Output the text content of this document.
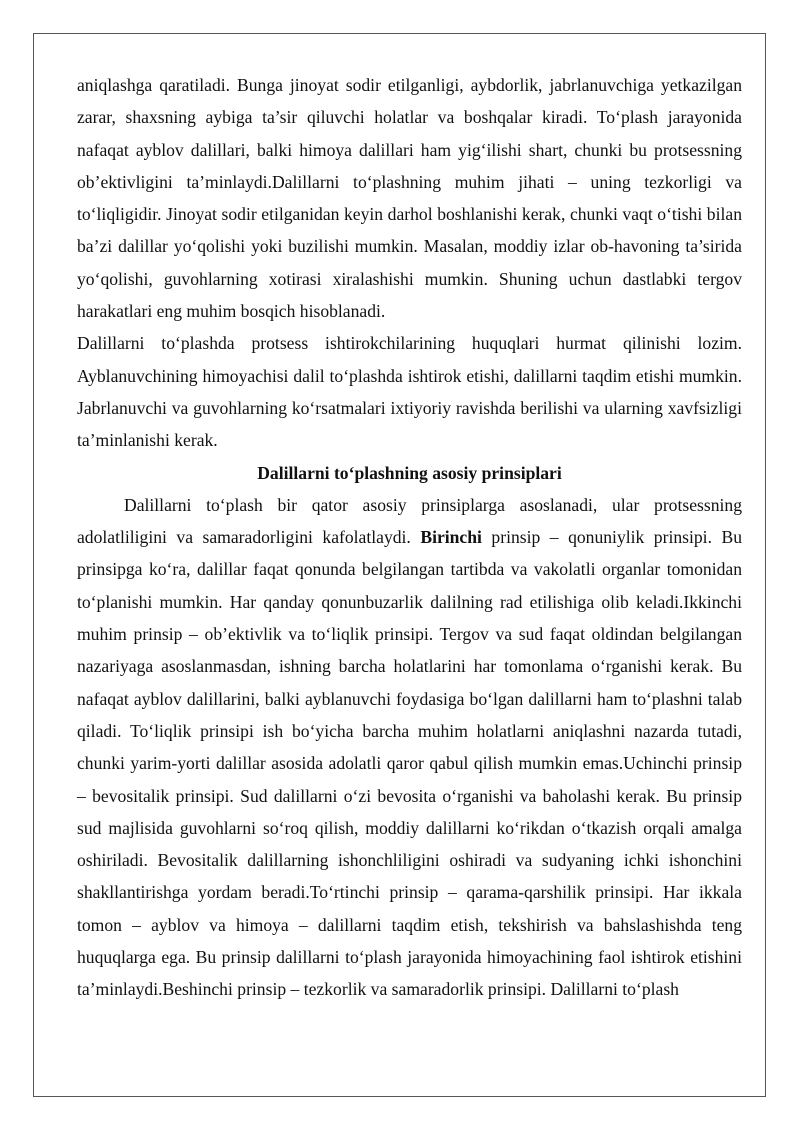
aniqlashga qaratiladi. Bunga jinoyat sodir etilganligi, aybdorlik, jabrlanuvchiga yetkazilgan zarar, shaxsning aybiga ta’sir qiluvchi holatlar va boshqalar kiradi. To‘plash jarayonida nafaqat ayblov dalillari, balki himoya dalillari ham yig‘ilishi shart, chunki bu protsessning ob’ektivligini ta’minlaydi.Dalillarni to‘plashning muhim jihati – uning tezkorligi va to‘liqligidir. Jinoyat sodir etilganidan keyin darhol boshlanishi kerak, chunki vaqt o‘tishi bilan ba’zi dalillar yo‘qolishi yoki buzilishi mumkin. Masalan, moddiy izlar ob-havoning ta’sirida yo‘qolishi, guvohlarning xotirasi xiralashishi mumkin. Shuning uchun dastlabki tergov harakatlari eng muhim bosqich hisoblanadi.

Dalillarni to‘plashda protsess ishtirokchilarining huquqlari hurmat qilinishi lozim. Ayblanuvchining himoyachisi dalil to‘plashda ishtirok etishi, dalillarni taqdim etishi mumkin. Jabrlanuvchi va guvohlarning ko‘rsatmalari ixtiyoriy ravishda berilishi va ularning xavfsizligi ta’minlanishi kerak.

Dalillarni to‘plashning asosiy prinsiplari

Dalillarni to‘plash bir qator asosiy prinsiplarga asoslanadi, ular protsessning adolatliligini va samaradorligini kafolatlaydi. Birinchi prinsip – qonuniylik prinsipi. Bu prinsipga ko‘ra, dalillar faqat qonunda belgilangan tartibda va vakolatli organlar tomonidan to‘planishi mumkin. Har qanday qonunbuzarlik dalilning rad etilishiga olib keladi.Ikkinchi muhim prinsip – ob’ektivlik va to‘liqlik prinsipi. Tergov va sud faqat oldindan belgilangan nazariyaga asoslanmasdan, ishning barcha holatlarini har tomonlama o‘rganishi kerak. Bu nafaqat ayblov dalillarini, balki ayblanuvchi foydasiga bo‘lgan dalillarni ham to‘plashni talab qiladi. To‘liqlik prinsipi ish bo‘yicha barcha muhim holatlarni aniqlashni nazarda tutadi, chunki yarim-yorti dalillar asosida adolatli qaror qabul qilish mumkin emas.Uchinchi prinsip – bevositalik prinsipi. Sud dalillarni o‘zi bevosita o‘rganishi va baholashi kerak. Bu prinsip sud majlisida guvohlarni so‘roq qilish, moddiy dalillarni ko‘rikdan o‘tkazish orqali amalga oshiriladi. Bevositalik dalillarning ishonchliligini oshiradi va sudyaning ichki ishonchini shakllantirishga yordam beradi.To‘rtinchi prinsip – qarama-qarshilik prinsipi. Har ikkala tomon – ayblov va himoya – dalillarni taqdim etish, tekshirish va bahslashishda teng huquqlarga ega. Bu prinsip dalillarni to‘plash jarayonida himoyachining faol ishtirok etishini ta’minlaydi.Beshinchi prinsip – tezkorlik va samaradorlik prinsipi. Dalillarni to‘plash
